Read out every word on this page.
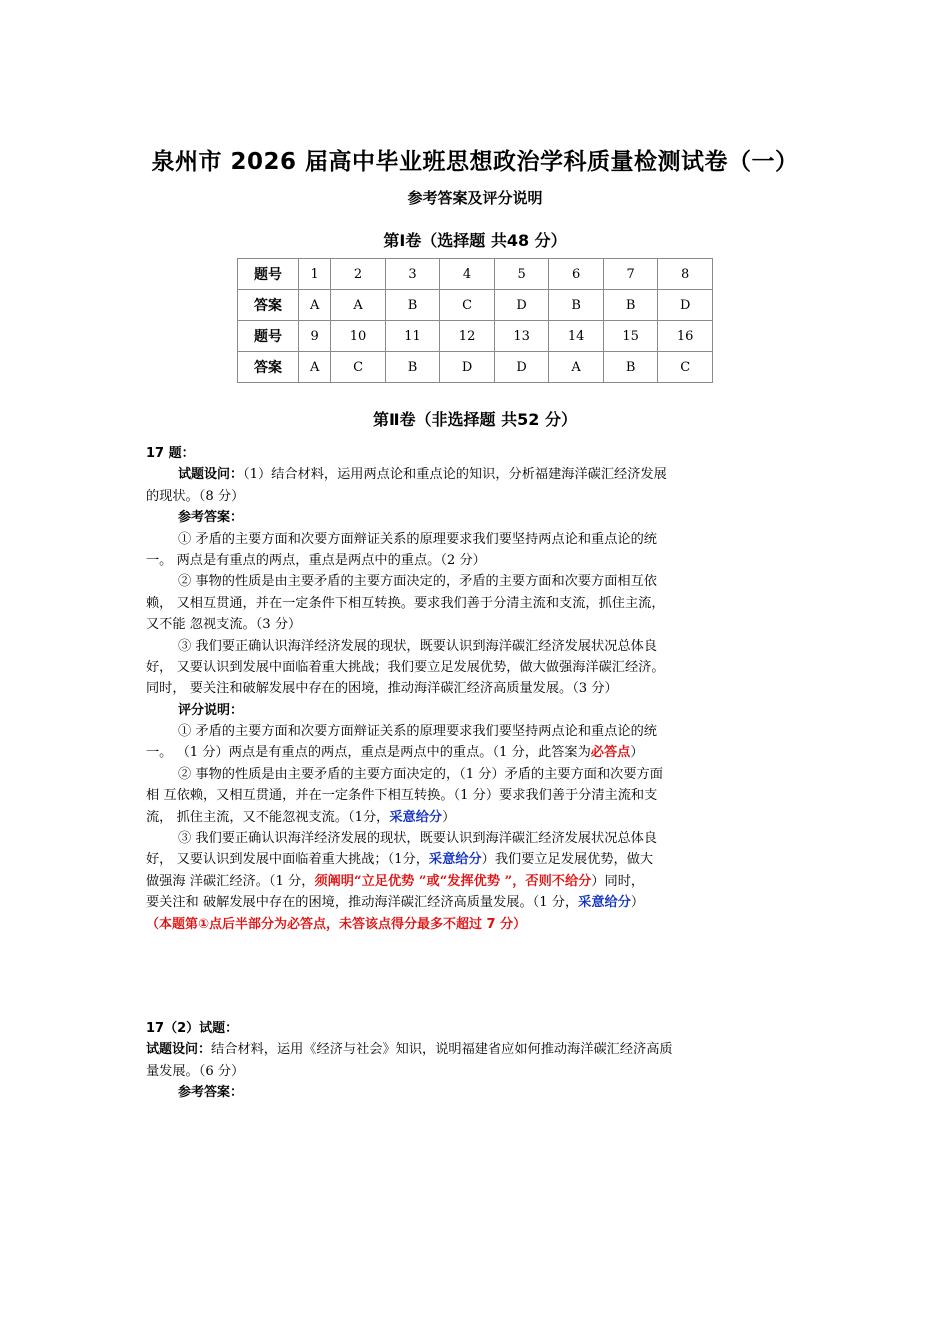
泉州市 2026 届高中毕业班思想政治学科质量检测试卷（一）
参考答案及评分说明
第Ⅰ卷（选择题 共48 分）
题号	1	2	3	4	5	6	7	8
答案	A	A	B	C	D	B	B	D
题号	9	10	11	12	13	14	15	16
答案	A	C	B	D	D	A	B	C
第Ⅱ卷（非选择题 共52 分）
17 题：
试题设问：（1）结合材料，运用两点论和重点论的知识，分析福建海洋碳汇经济发展
的现状。（8 分）
参考答案：
① 矛盾的主要方面和次要方面辩证关系的原理要求我们要坚持两点论和重点论的统
一。 两点是有重点的两点，重点是两点中的重点。（2 分）
② 事物的性质是由主要矛盾的主要方面决定的，矛盾的主要方面和次要方面相互依
赖， 又相互贯通，并在一定条件下相互转换。要求我们善于分清主流和支流，抓住主流，
又不能 忽视支流。（3 分）
③ 我们要正确认识海洋经济发展的现状，既要认识到海洋碳汇经济发展状况总体良
好， 又要认识到发展中面临着重大挑战；我们要立足发展优势，做大做强海洋碳汇经济。
同时， 要关注和破解发展中存在的困境，推动海洋碳汇经济高质量发展。（3 分）
评分说明：
① 矛盾的主要方面和次要方面辩证关系的原理要求我们要坚持两点论和重点论的统
一。 （1 分）两点是有重点的两点，重点是两点中的重点。（1 分，此答案为必答点）
② 事物的性质是由主要矛盾的主要方面决定的，（1 分）矛盾的主要方面和次要方面
相 互依赖，又相互贯通，并在一定条件下相互转换。（1 分）要求我们善于分清主流和支
流， 抓住主流，又不能忽视支流。（1分，采意给分）
③ 我们要正确认识海洋经济发展的现状，既要认识到海洋碳汇经济发展状况总体良
好， 又要认识到发展中面临着重大挑战；（1分，采意给分）我们要立足发展优势，做大
做强海 洋碳汇经济。（1 分，须阐明“立足优势 ”或“发挥优势 ”，否则不给分）同时，
要关注和 破解发展中存在的困境，推动海洋碳汇经济高质量发展。（1 分，采意给分）
（本题第①点后半部分为必答点，未答该点得分最多不超过 7 分）
17（2）试题：
试题设问：结合材料，运用《经济与社会》知识，说明福建省应如何推动海洋碳汇经济高质
量发展。（6 分）
参考答案：
